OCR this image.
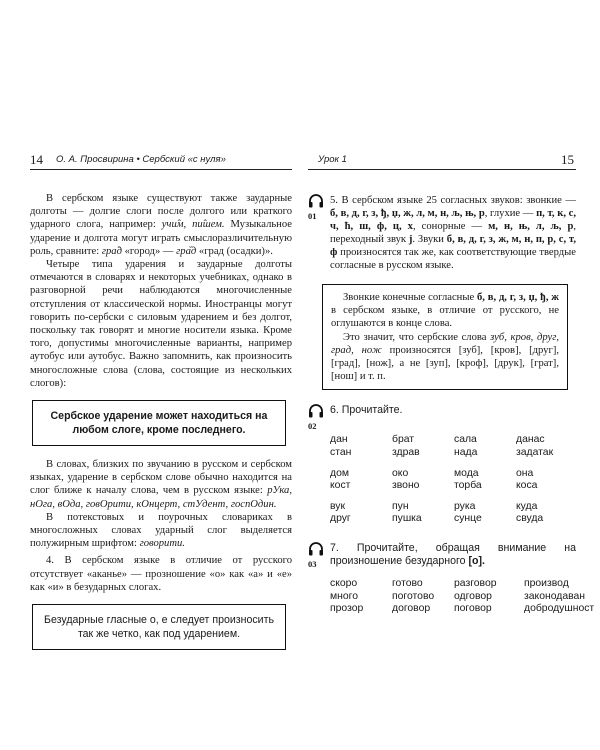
14 О. А. Просвирина • Сербский «с нуля»

В сербском языке существуют также заударные долготы — долгие слоги после долгого или краткого ударного слога, например: учи̂м, пи̂шем. Музыкальное ударение и долгота могут играть смыслоразличительную роль, сравните: гра̂д «город» — гра̏д «град (осадки)».

Четыре типа ударения и заударные долготы отмечаются в словарях и некоторых учебниках, однако в разговорной речи наблюдаются многочисленные отступления от классической нормы. Иностранцы могут говорить по-сербски с силовым ударением и без долгот, поскольку так говорят и многие носители языка. Кроме того, допустимы многочисленные варианты, например аутобус или аутобус. Важно запомнить, как произносить многосложные слова (слова, состоящие из нескольких слогов):

Сербское ударение может находиться на любом слоге, кроме последнего.

В словах, близких по звучанию в русском и сербском языках, ударение в сербском слове обычно находится на слог ближе к началу слова, чем в русском языке: рУка, нОга, вОда, говОрити, кОнцерт, стУдент, госпОдин.

В потекстовых и поурочных словариках в многосложных словах ударный слог выделяется полужирным шрифтом: говорити.

4. В сербском языке в отличие от русского отсутствует «аканье» — прозношение «о» как «а» и «е» как «и» в безударных слогах.

Безударные гласные о, е следует произносить так же четко, как под ударением.
Урок 1	15
01
5. В сербском языке 25 согласных звуков: звонкие — б, в, д, г, з, ђ, џ, ж, л, м, н, љ, њ, р, глухие — п, т, к, с, ч, ћ, ш, ф, ц, х, сонорные — м, н, њ, л, љ, р, переходный звук ј. Звуки б, в, д, г, з, ж, м, н, п, р, с, т, ф произносятся так же, как соответствующие твердые согласные в русском языке.

Звонкие конечные согласные б, в, д, г, з, џ, ђ, ж в сербском языке, в отличие от русского, не оглушаются в конце слова.

Это значит, что сербские слова зуб, кров, друг, град, нож произносятся [зуб], [кров], [друг], [град], [нож], а не [зуп], [кроф], [друк], [грат], [нош] и т. п.

02
6. Прочитайте.
дан
стан
брат
здрав
сала
нада
данас
задатак
дом
кост
око
звоно
мода
торба
она
коса
вук
друг
пун
пушка
рука
сунце
куда
свуда
03
7. Прочитайте, обращая внимание на произношение безударного [о].
скоро
много
прозор
готово
поготово
договор
разговор
одговор
поговор
производ
законодаван
добродушност
